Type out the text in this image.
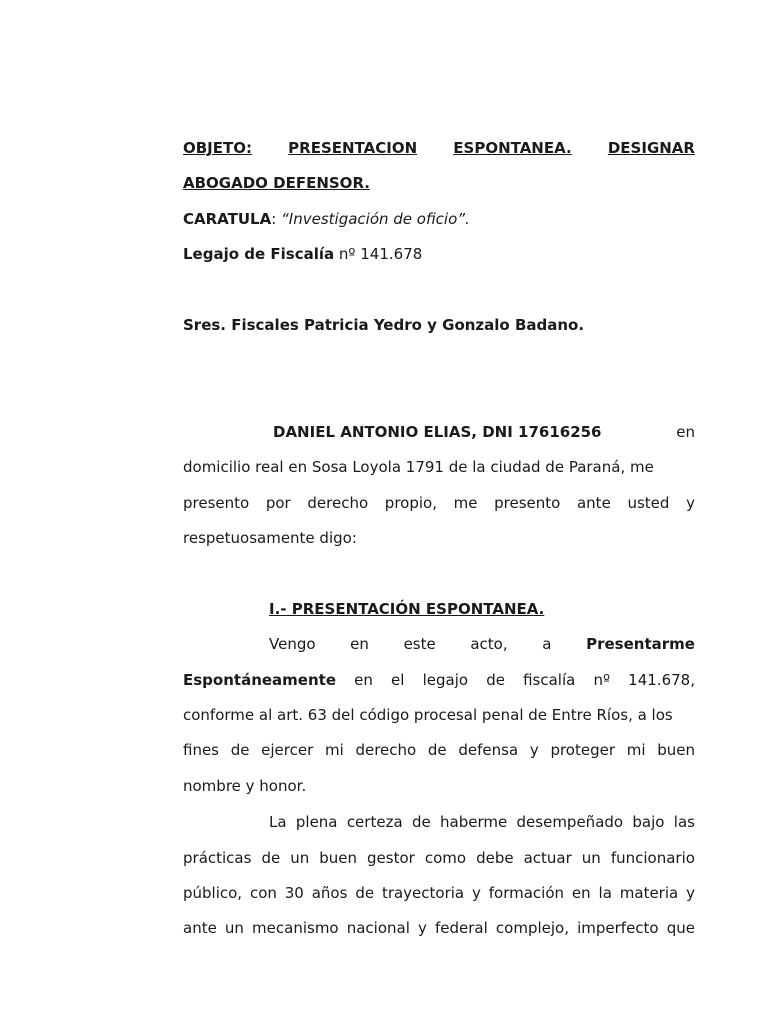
OBJETO: PRESENTACION ESPONTANEA. DESIGNAR
ABOGADO DEFENSOR.
CARATULA: “Investigación de oficio”.
Legajo de Fiscalía nº 141.678
Sres. Fiscales Patricia Yedro y Gonzalo Badano.
DANIEL ANTONIO ELIAS, DNI 17616256	en
domicilio real en Sosa Loyola 1791 de la ciudad de Paraná, me
presento por derecho propio, me presento ante usted y
respetuosamente digo:
I.- PRESENTACIÓN ESPONTANEA.
Vengo en este acto, a Presentarme
Espontáneamente en el legajo de fiscalía nº 141.678,
conforme al art. 63 del código procesal penal de Entre Ríos, a los
fines de ejercer mi derecho de defensa y proteger mi buen
nombre y honor.
La plena certeza de haberme desempeñado bajo las
prácticas de un buen gestor como debe actuar un funcionario
público, con 30 años de trayectoria y formación en la materia y
ante un mecanismo nacional y federal complejo, imperfecto que
